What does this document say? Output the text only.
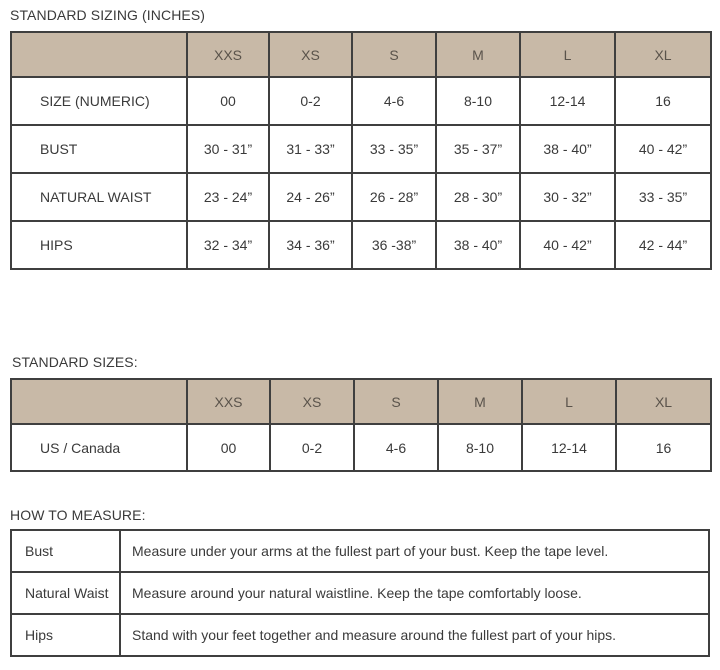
STANDARD SIZING (INCHES)
	XXS	XS	S	M	L	XL
SIZE (NUMERIC)	00	0-2	4-6	8-10	12-14	16
BUST	30 - 31”	31 - 33”	33 - 35”	35 - 37”	38 - 40”	40 - 42”
NATURAL WAIST	23 - 24”	24 - 26”	26 - 28”	28 - 30”	30 - 32”	33 - 35”
HIPS	32 - 34”	34 - 36”	36 -38”	38 - 40”	40 - 42”	42 - 44”
STANDARD SIZES:
	XXS	XS	S	M	L	XL
US / Canada	00	0-2	4-6	8-10	12-14	16
HOW TO MEASURE:
Bust	Measure under your arms at the fullest part of your bust. Keep the tape level.
Natural Waist	Measure around your natural waistline. Keep the tape comfortably loose.
Hips	Stand with your feet together and measure around the fullest part of your hips.
